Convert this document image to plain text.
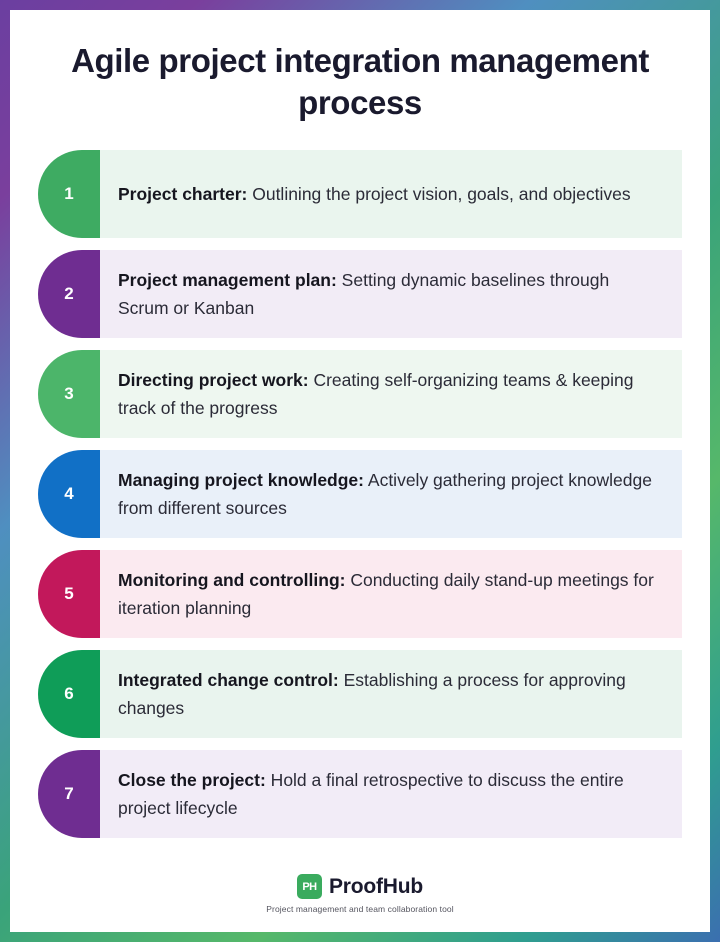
Agile project integration management process
1	Project charter: Outlining the project vision, goals, and objectives

2

Project management plan: Setting dynamic baselines through Scrum or Kanban

3

Directing project work: Creating self-organizing teams & keeping track of the progress

4

Managing project knowledge: Actively gathering project knowledge from different sources

5

Monitoring and controlling: Conducting daily stand-up meetings for iteration planning

6

Integrated change control: Establishing a process for approving changes

7

Close the project: Hold a final retrospective to discuss the entire project lifecycle

PH ProofHub
Project management and team collaboration tool
